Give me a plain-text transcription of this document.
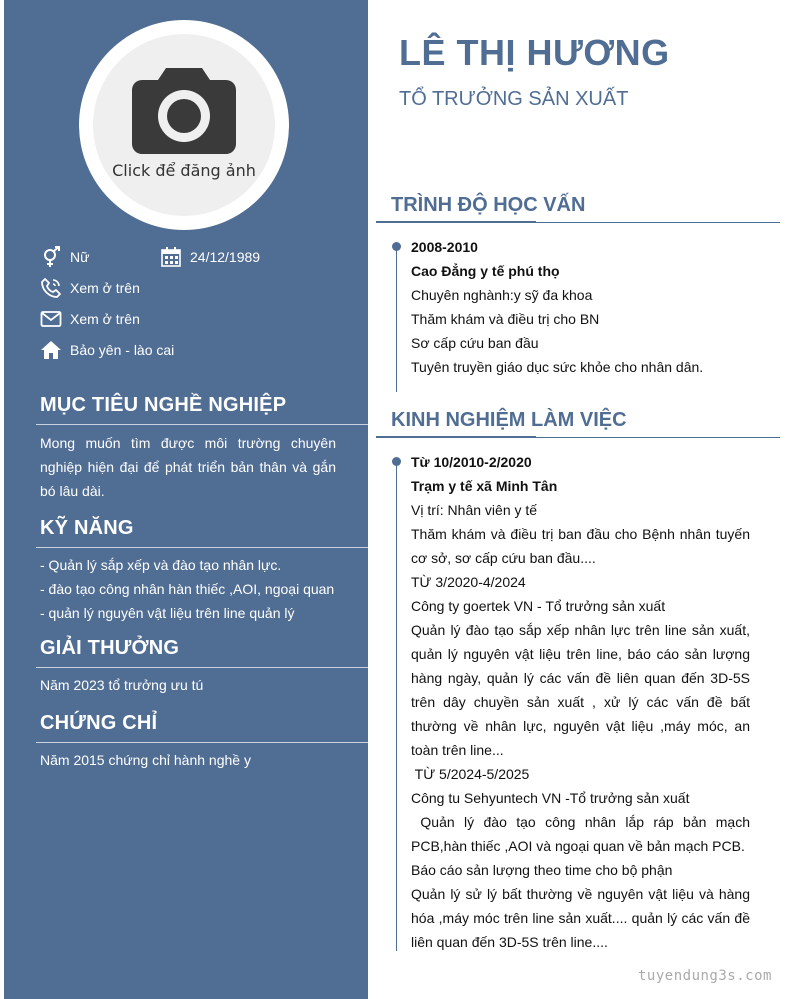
Click để đăng ảnh
Nữ	24/12/1989
Xem ở trên
Xem ở trên
Bảo yên - lào cai
MỤC TIÊU NGHỀ NGHIỆP
Mong muốn tìm được môi trường chuyên nghiệp hiện đại để phát triển bản thân và gắn bó lâu dài.
KỸ NĂNG
- Quản lý sắp xếp và đào tạo nhân lực.
- đào tạo công nhân hàn thiếc ,AOI, ngoại quan
- quản lý nguyên vật liệu trên line quản lý
GIẢI THƯỞNG
Năm 2023 tổ trưởng ưu tú
CHỨNG CHỈ
Năm 2015 chứng chỉ hành nghề y
LÊ THỊ HƯƠNG
TỔ TRƯỞNG SẢN XUẤT
TRÌNH ĐỘ HỌC VẤN

2008-2010

Cao Đẳng y tế phú thọ

Chuyên nghành:y sỹ đa khoa

Thăm khám và điều trị cho BN

Sơ cấp cứu ban đầu

Tuyên truyền giáo dục sức khỏe cho nhân dân.

KINH NGHIỆM LÀM VIỆC

Từ 10/2010-2/2020

Trạm y tế xã Minh Tân

Vị trí: Nhân viên y tế

Thăm khám và điều trị ban đầu cho Bệnh nhân tuyến cơ sở, sơ cấp cứu ban đầu....

TỪ 3/2020-4/2024

Công ty goertek VN - Tổ trưởng sản xuất

Quản lý đào tạo sắp xếp nhân lực trên line sản xuất, quản lý nguyên vật liệu trên line, báo cáo sản lượng hàng ngày, quản lý các vấn đề liên quan đến 3D-5S trên dây chuyền sản xuất , xử lý các vấn đề bất thường về nhân lực, nguyên vật liệu ,máy móc, an toàn trên line...

TỪ 5/2024-5/2025

Công tu Sehyuntech VN -Tổ trưởng sản xuất

Quản lý đào tạo công nhân lắp ráp bản mạch PCB,hàn thiếc ,AOI và ngoại quan về bản mạch PCB.

Báo cáo sản lượng theo time cho bộ phận

Quản lý sử lý bất thường về nguyên vật liệu và hàng hóa ,máy móc trên line sản xuất.... quản lý các vấn đề liên quan đến 3D-5S trên line....

tuyendung3s.com
